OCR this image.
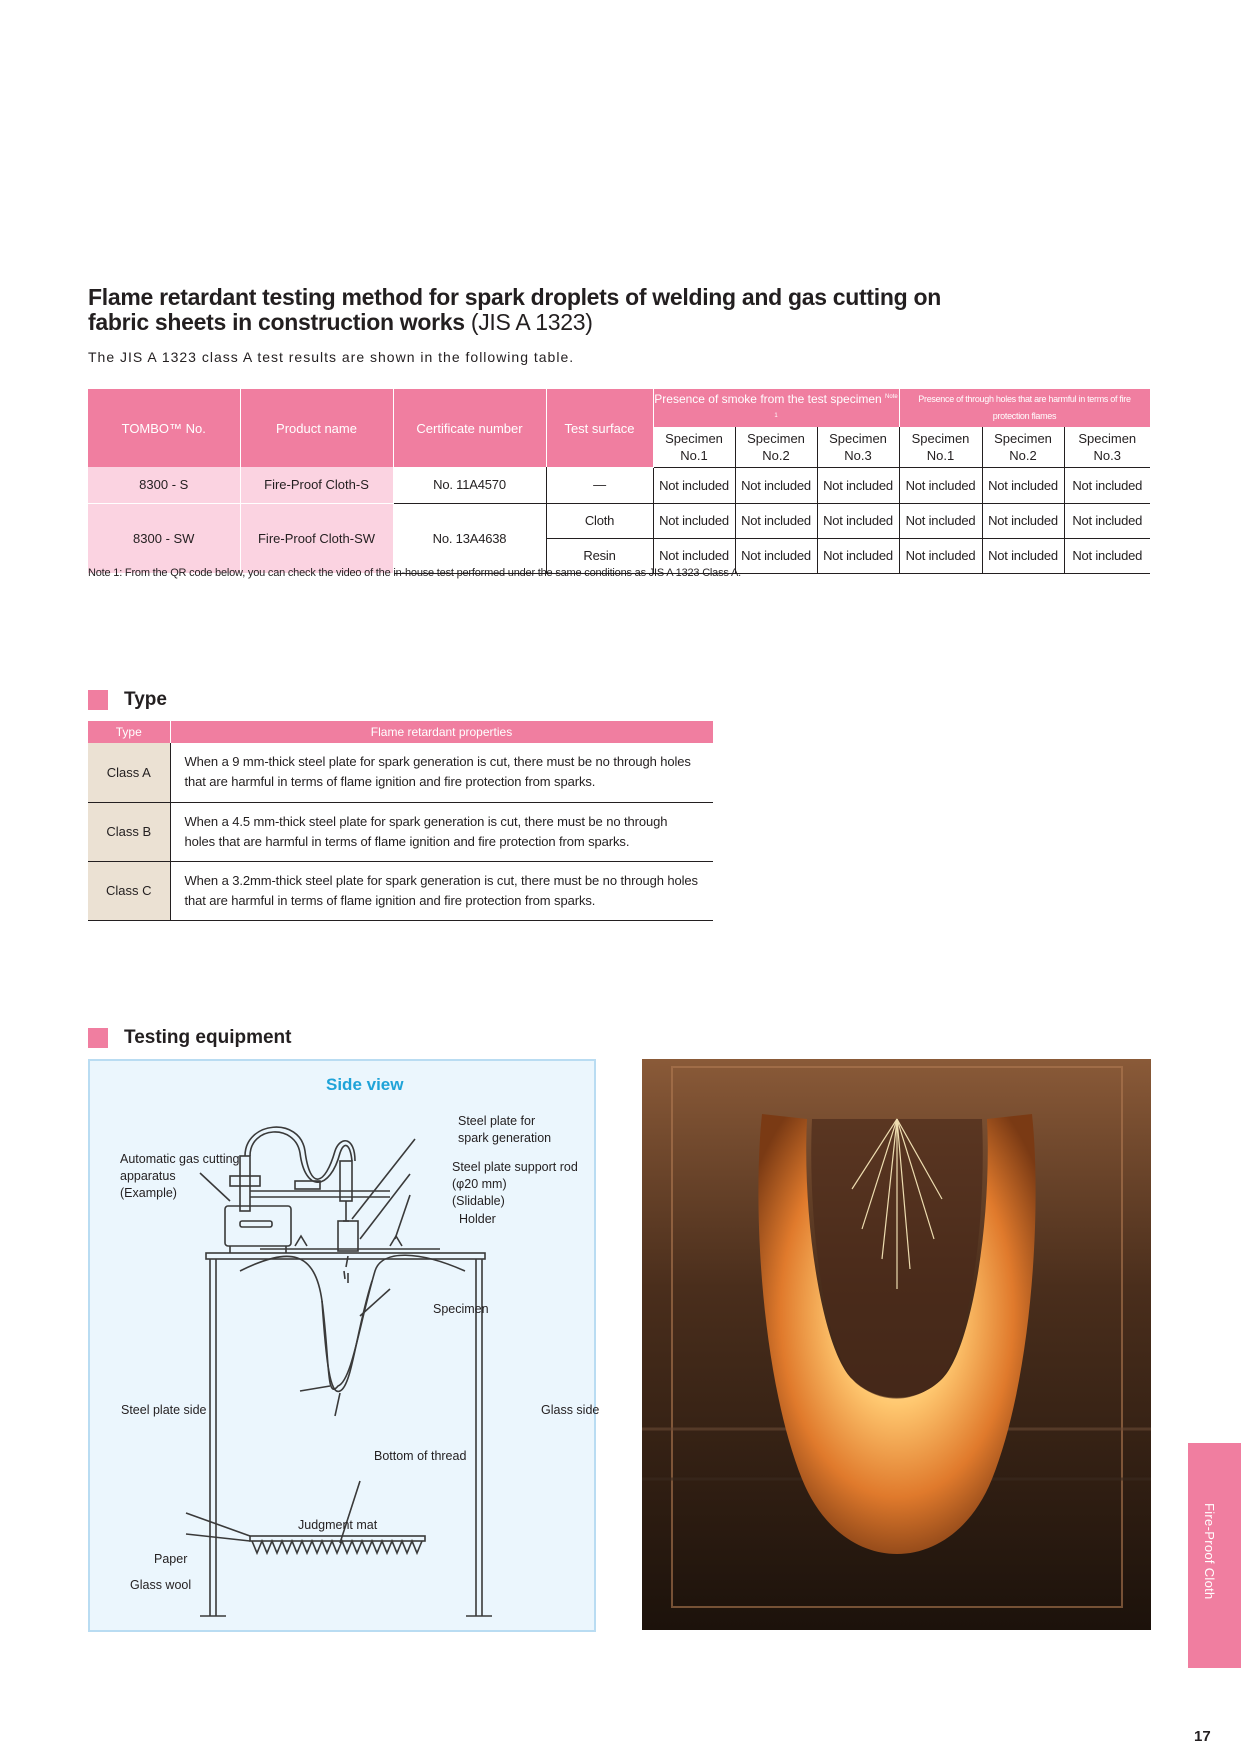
Flame retardant testing method for spark droplets of welding and gas cutting on fabric sheets in construction works (JIS A 1323)
The JIS A 1323 class A test results are shown in the following table.
TOMBO™ No.	Product name	Certificate number	Test surface	Presence of smoke from the test specimen $^{Note 1}$			Presence of through holes that are harmful in terms of fire protection flames		
				Specimen No.1	Specimen No.2	Specimen No.3	Specimen No.1	Specimen No.2	Specimen No.3
8300 - S	Fire-Proof Cloth-S	No. 11A4570	—	Not included	Not included	Not included	Not included	Not included	Not included
8300 - SW	Fire-Proof Cloth-SW	No. 13A4638	Cloth	Not included	Not included	Not included	Not included	Not included	Not included
			Resin	Not included	Not included	Not included	Not included	Not included	Not included
Note 1: From the QR code below, you can check the video of the in-house test performed under the same conditions as JIS A 1323 Class A.
Type
Type	Flame retardant properties
Class A	When a 9 mm-thick steel plate for spark generation is cut, there must be no through holes that are harmful in terms of flame ignition and fire protection from sparks.
Class B	When a 4.5 mm-thick steel plate for spark generation is cut, there must be no through holes that are harmful in terms of flame ignition and fire protection from sparks.
Class C	When a 3.2mm-thick steel plate for spark generation is cut, there must be no through holes that are harmful in terms of flame ignition and fire protection from sparks.
Testing equipment
Side view
Steel plate for
spark generation
Automatic gas cutting
apparatus
(Example)
Steel plate support rod
(φ20 mm)
(Slidable)
Holder
Specimen
Steel plate side	Glass side
Bottom of thread
Judgment mat
Paper
Glass wool	Fire-Proof Cloth
17
